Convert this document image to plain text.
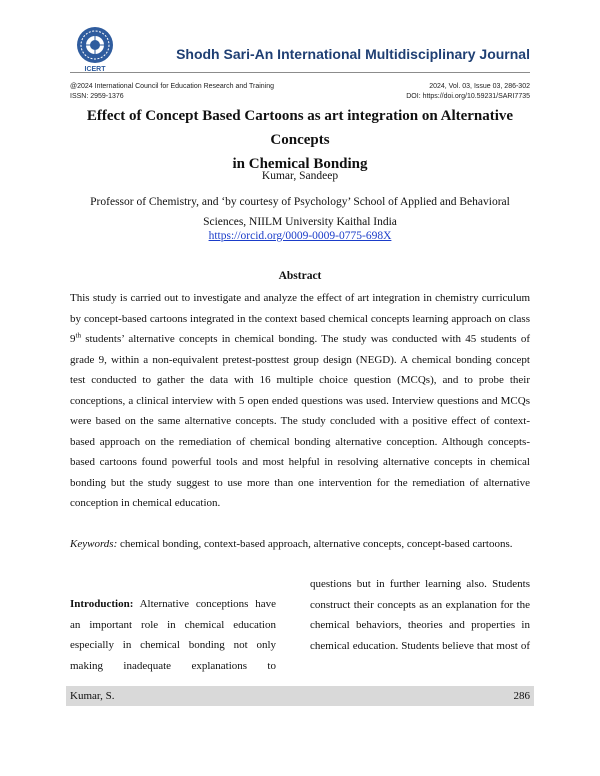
ICERT
Shodh Sari-An International Multidisciplinary Journal
@2024 International Council for Education Research and Training	2024, Vol. 03, Issue 03, 286-302
ISSN: 2959-1376	DOI: https://doi.org/10.59231/SARI7735
Effect of Concept Based Cartoons as art integration on Alternative Concepts
in Chemical Bonding
Kumar, Sandeep
Professor of Chemistry, and ‘by courtesy of Psychology’ School of Applied and Behavioral
Sciences, NIILM University Kaithal India
https://orcid.org/0009-0009-0775-698X
Abstract
This study is carried out to investigate and analyze the effect of art integration in chemistry curriculum by concept-based cartoons integrated in the context based chemical concepts learning approach on class 9th students’ alternative concepts in chemical bonding. The study was conducted with 45 students of grade 9, within a non-equivalent pretest-posttest group design (NEGD). A chemical bonding concept test conducted to gather the data with 16 multiple choice question (MCQs), and to probe their conceptions, a clinical interview with 5 open ended questions was used. Interview questions and MCQs were based on the same alternative concepts. The study concluded with a positive effect of context-based approach on the remediation of chemical bonding alternative conception. Although concepts-based cartoons found powerful tools and most helpful in resolving alternative concepts in chemical bonding but the study suggest to use more than one intervention for the remediation of alternative conception in chemical education.
Keywords: chemical bonding, context-based approach, alternative concepts, concept-based cartoons.
Introduction: Alternative conceptions have an important role in chemical education especially in chemical bonding not only making inadequate explanations to
questions but in further learning also. Students construct their concepts as an explanation for the chemical behaviors, theories and properties in chemical education. Students believe that most of
Kumar, S.	286
